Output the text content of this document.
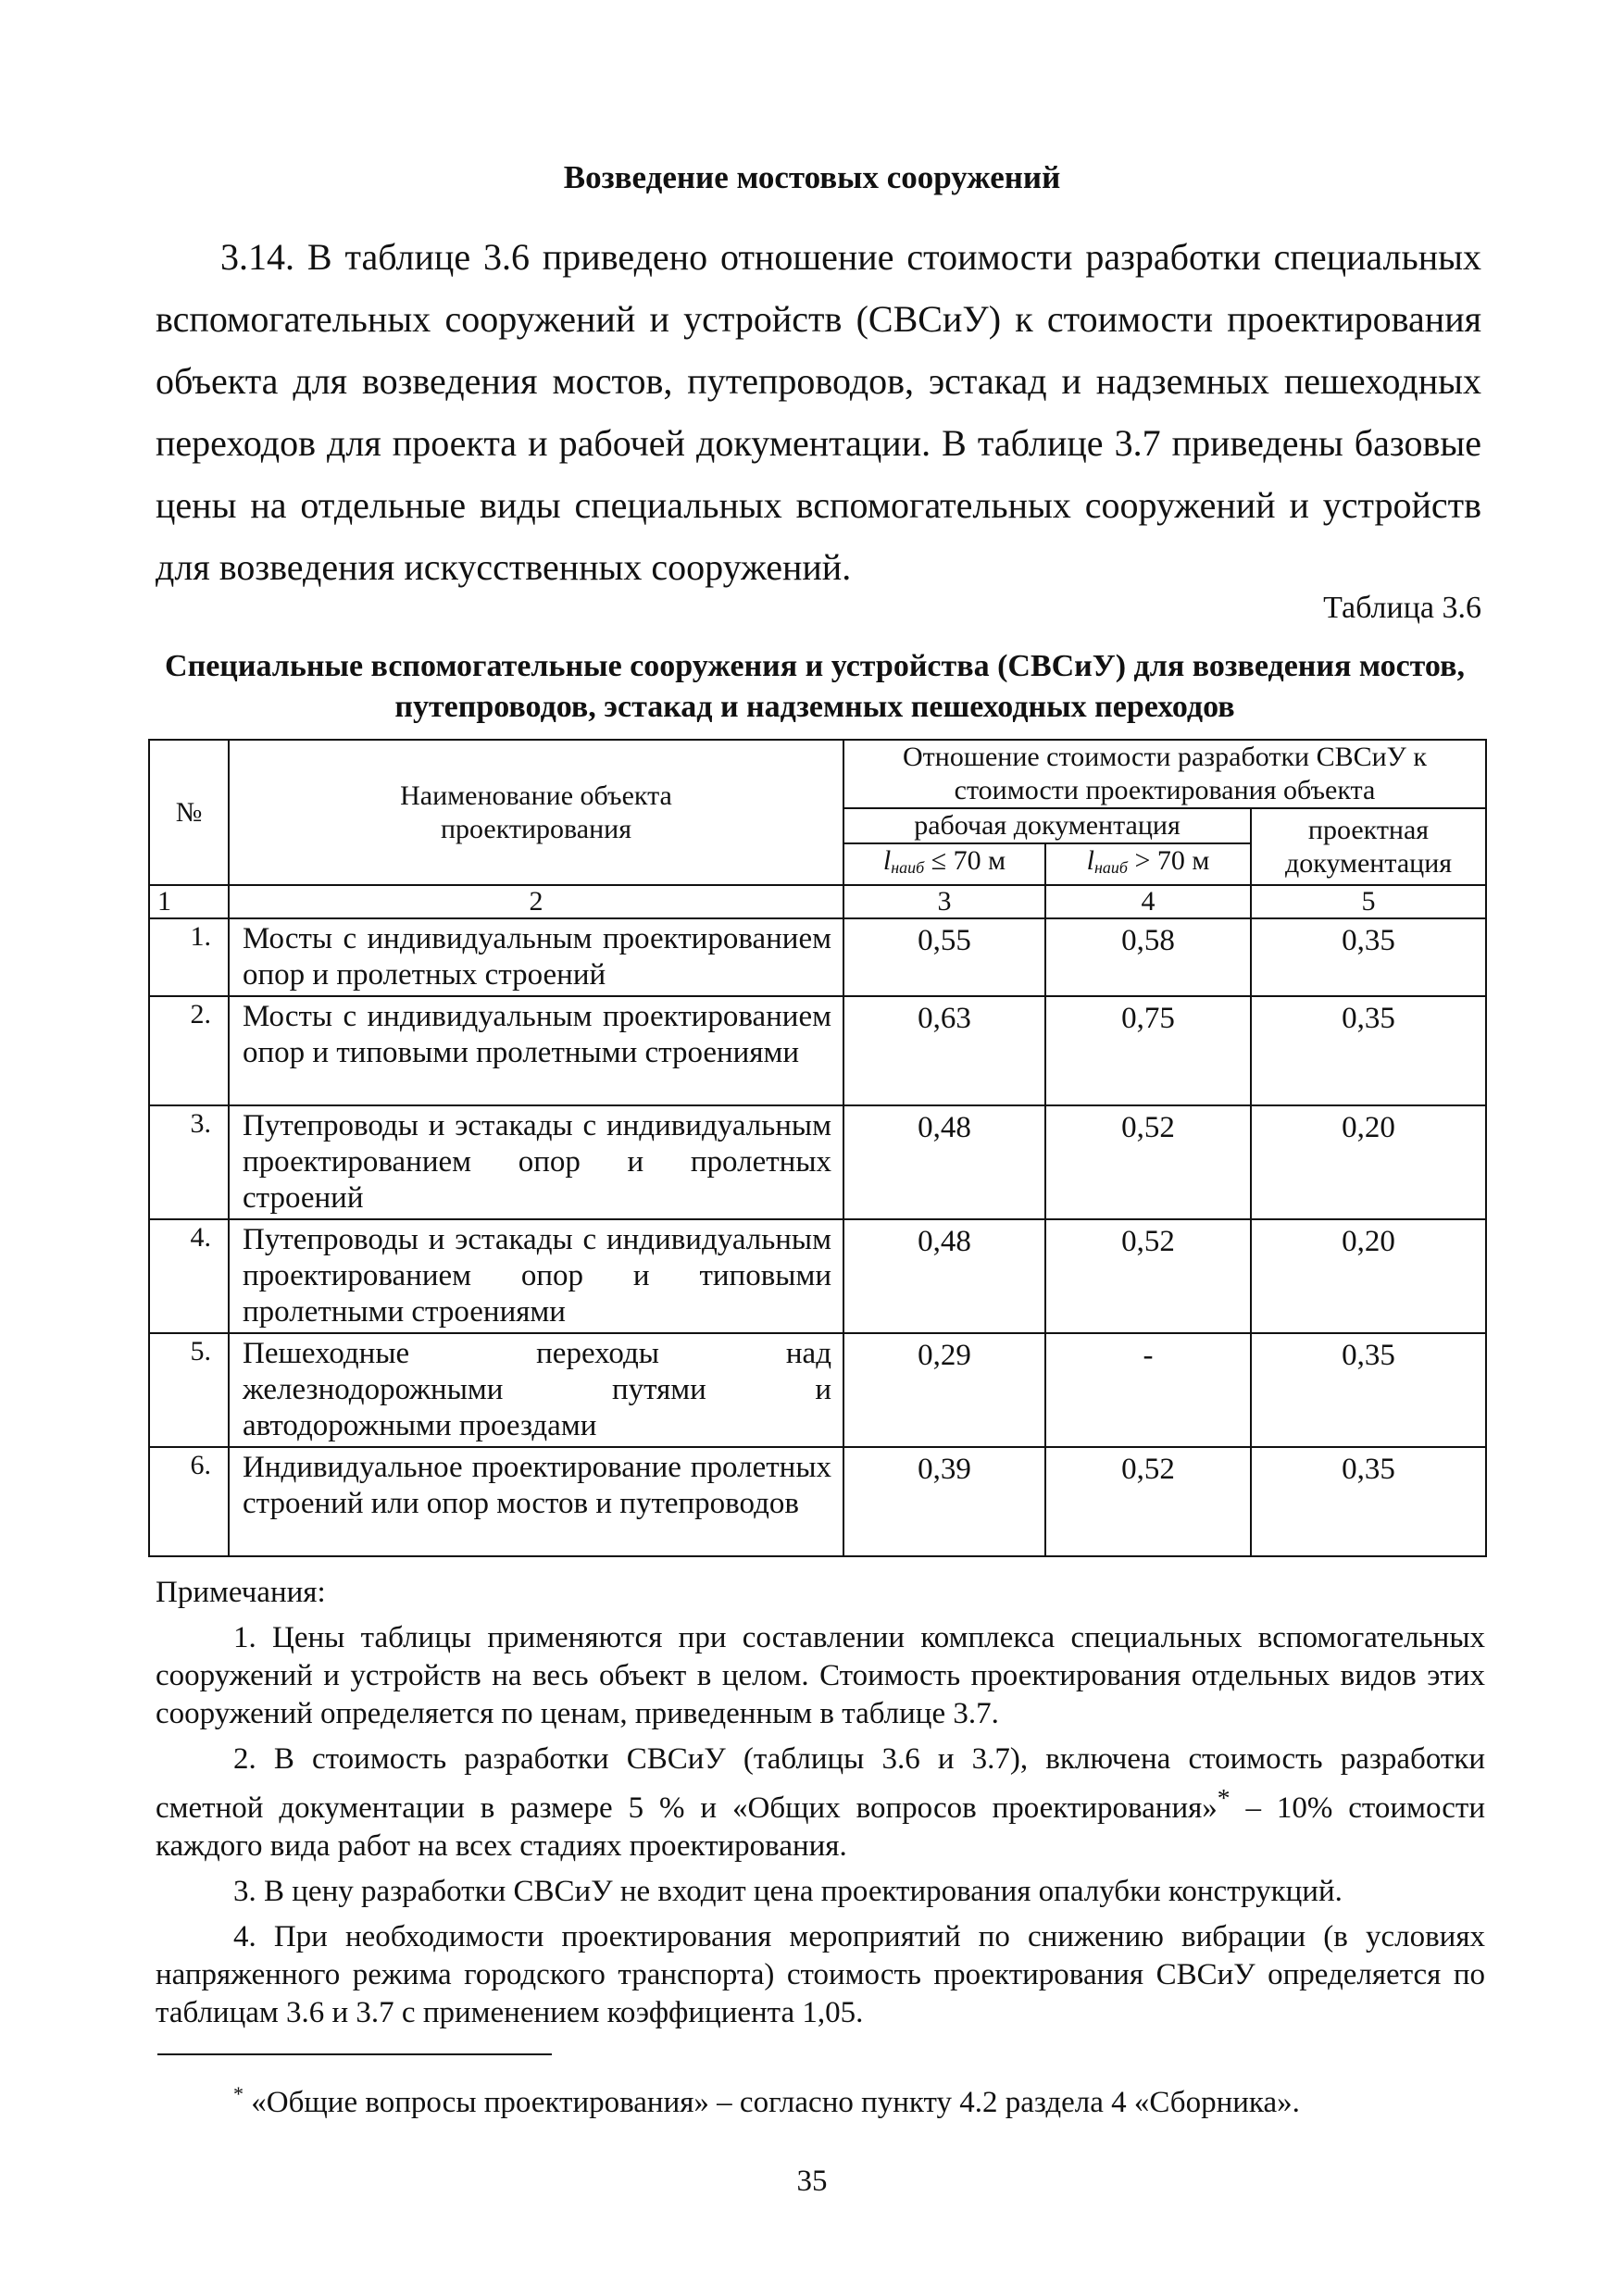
Возведение мостовых сооружений

3.14. В таблице 3.6 приведено отношение стоимости разработки специальных вспомогательных сооружений и устройств (СВСиУ) к стоимости проектирования объекта для возведения мостов, путепроводов, эстакад и надземных пешеходных переходов для проекта и рабочей документации. В таблице 3.7 приведены базовые цены на отдельные виды специальных вспомогательных сооружений и устройств для возведения искусственных сооружений.

Таблица 3.6
Специальные вспомогательные сооружения и устройства (СВСиУ) для возведения мостов, путепроводов, эстакад и надземных пешеходных переходов
№	Наименование объекта проектирования	Отношение стоимости разработки СВСиУ к стоимости проектирования объекта		
		рабочая документация		проектная документация
		$l_{наиб} \le 70$ м	$l_{наиб} > 70$ м	
1	2	3	4	5
1.	Мосты с индивидуальным проектированием опор и пролетных строений	0,55	0,58	0,35
2.	Мосты с индивидуальным проектированием опор и типовыми пролетными строениями	0,63	0,75	0,35
3.	Путепроводы и эстакады с индивидуальным проектированием опор и пролетных строений	0,48	0,52	0,20
4.	Путепроводы и эстакады с индивидуальным проектированием опор и типовыми пролетными строениями	0,48	0,52	0,20
5.	Пешеходные переходы над железнодорожными путями и автодорожными проездами	0,29	-	0,35
6.	Индивидуальное проектирование пролетных строений или опор мостов и путепроводов	0,39	0,52	0,35

Примечания:

1. Цены таблицы применяются при составлении комплекса специальных вспомогательных сооружений и устройств на весь объект в целом. Стоимость проектирования отдельных видов этих сооружений определяется по ценам, приведенным в таблице 3.7.

2. В стоимость разработки СВСиУ (таблицы 3.6 и 3.7), включена стоимость разработки сметной документации в размере 5 % и «Общих вопросов проектирования»* – 10% стоимости каждого вида работ на всех стадиях проектирования.

3. В цену разработки СВСиУ не входит цена проектирования опалубки конструкций.

4. При необходимости проектирования мероприятий по снижению вибрации (в условиях напряженного режима городского транспорта) стоимость проектирования СВСиУ определяется по таблицам 3.6 и 3.7 с применением коэффициента 1,05.

* «Общие вопросы проектирования» – согласно пункту 4.2 раздела 4 «Сборника».
35
